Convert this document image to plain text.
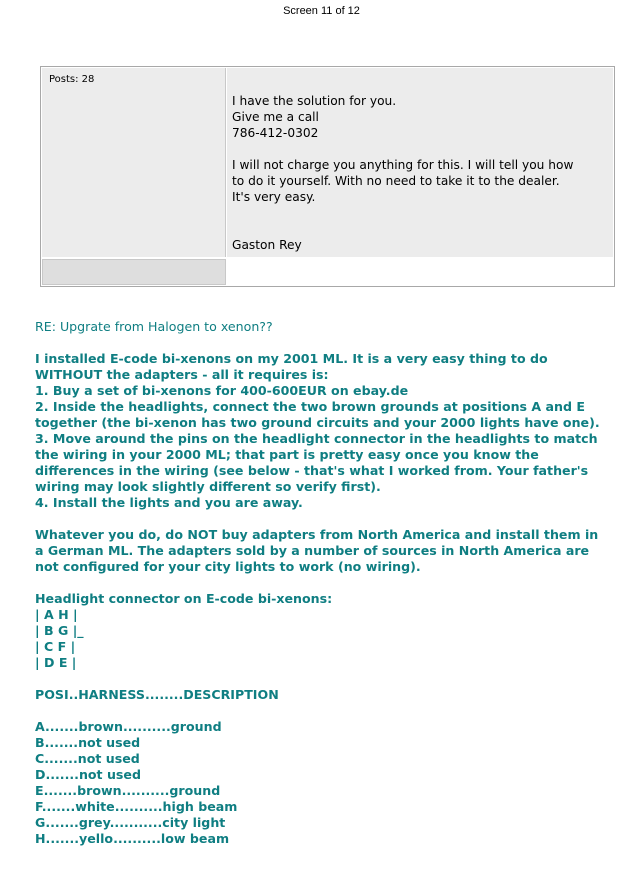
Screen 11 of 12
Posts: 28

I have the solution for you.

Give me a call

786-412-0302

I will not charge you anything for this. I will tell you how

to do it yourself. With no need to take it to the dealer.

It's very easy.

Gaston Rey

RE: Upgrate from Halogen to xenon??

I installed E-code bi-xenons on my 2001 ML. It is a very easy thing to do
WITHOUT the adapters - all it requires is:
1. Buy a set of bi-xenons for 400-600EUR on ebay.de
2. Inside the headlights, connect the two brown grounds at positions A and E
together (the bi-xenon has two ground circuits and your 2000 lights have one).
3. Move around the pins on the headlight connector in the headlights to match
the wiring in your 2000 ML; that part is pretty easy once you know the
differences in the wiring (see below - that's what I worked from. Your father's
wiring may look slightly different so verify first).
4. Install the lights and you are away.
Whatever you do, do NOT buy adapters from North America and install them in
a German ML. The adapters sold by a number of sources in North America are
not configured for your city lights to work (no wiring).
Headlight connector on E-code bi-xenons:
| A H |
| B G |_
| C F |
| D E |
POSI..HARNESS........DESCRIPTION
A.......brown..........ground
B.......not used
C.......not used
D.......not used
E.......brown..........ground
F.......white..........high beam
G.......grey...........city light
H.......yello..........low beam
